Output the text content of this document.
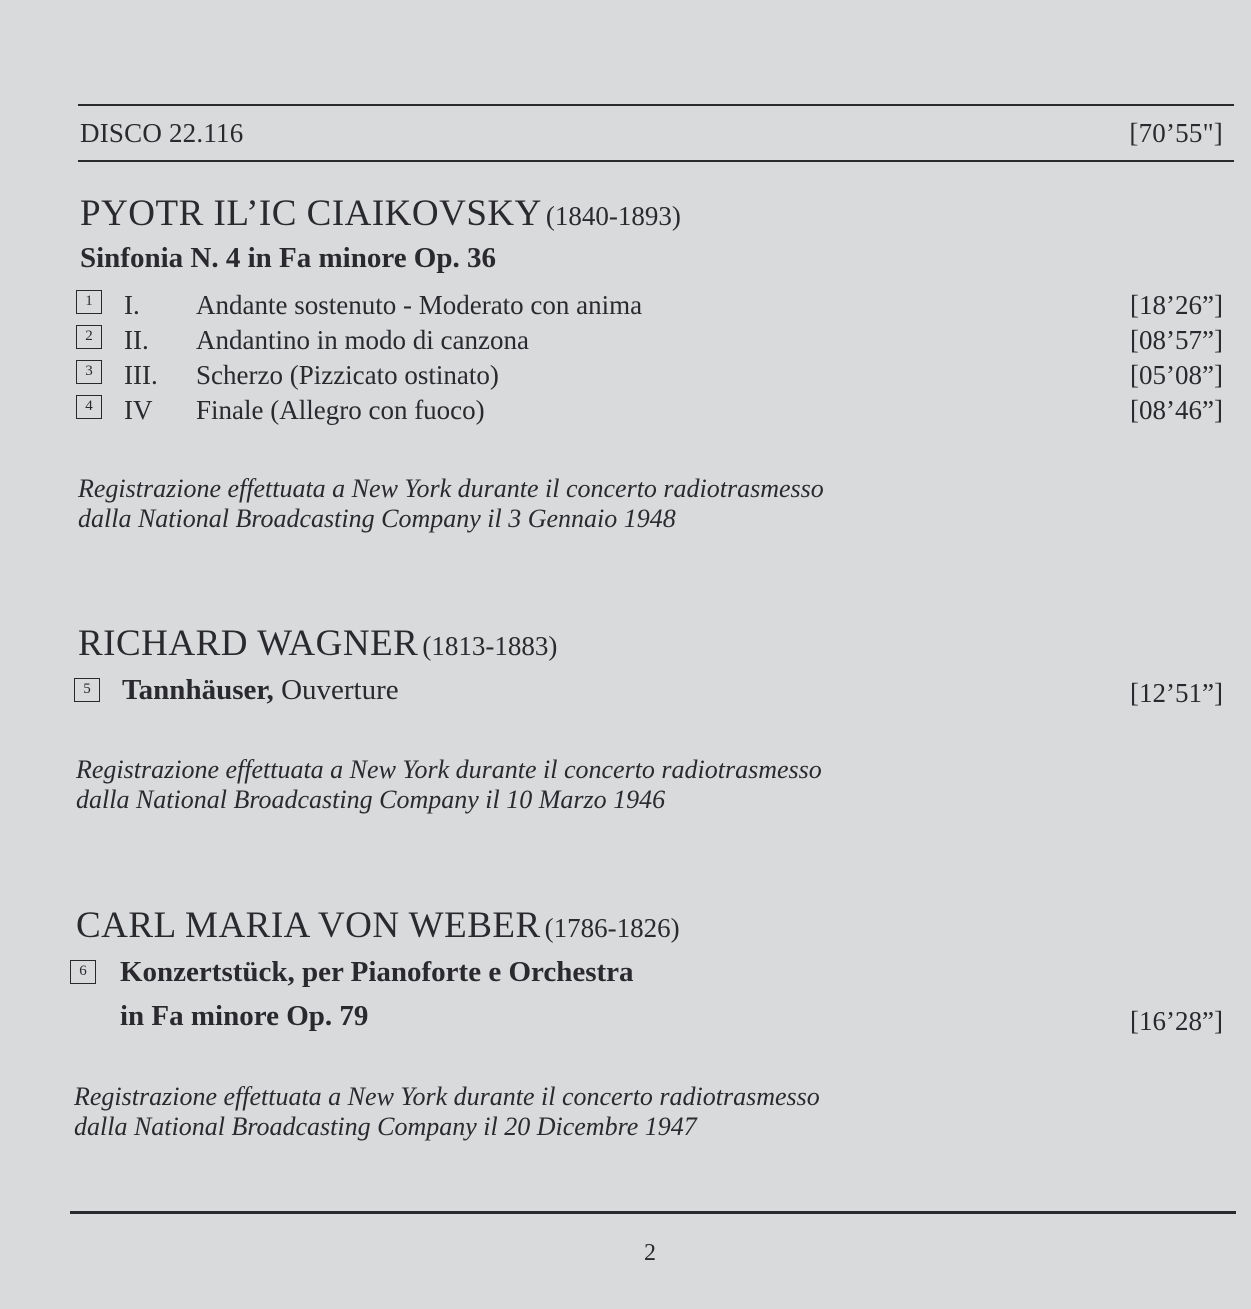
DISCO 22.116	[70’55"]
PYOTR IL’IC CIAIKOVSKY (1840-1893)
Sinfonia N. 4 in Fa minore Op. 36
1	I. Andante sostenuto - Moderato con anima	[18’26”]
2	II. Andantino in modo di canzona	[08’57”]
3	III. Scherzo (Pizzicato ostinato)	[05’08”]
4	IV Finale (Allegro con fuoco)	[08’46”]
Registrazione effettuata a New York durante il concerto radiotrasmesso
dalla National Broadcasting Company il 3 Gennaio 1948
RICHARD WAGNER (1813-1883)
5	Tannhäuser, Ouverture	[12’51”]
Registrazione effettuata a New York durante il concerto radiotrasmesso
dalla National Broadcasting Company il 10 Marzo 1946
CARL MARIA VON WEBER (1786-1826)
6	Konzertstück, per Pianoforte e Orchestra
in Fa minore Op. 79	[16’28”]
Registrazione effettuata a New York durante il concerto radiotrasmesso
dalla National Broadcasting Company il 20 Dicembre 1947
2
